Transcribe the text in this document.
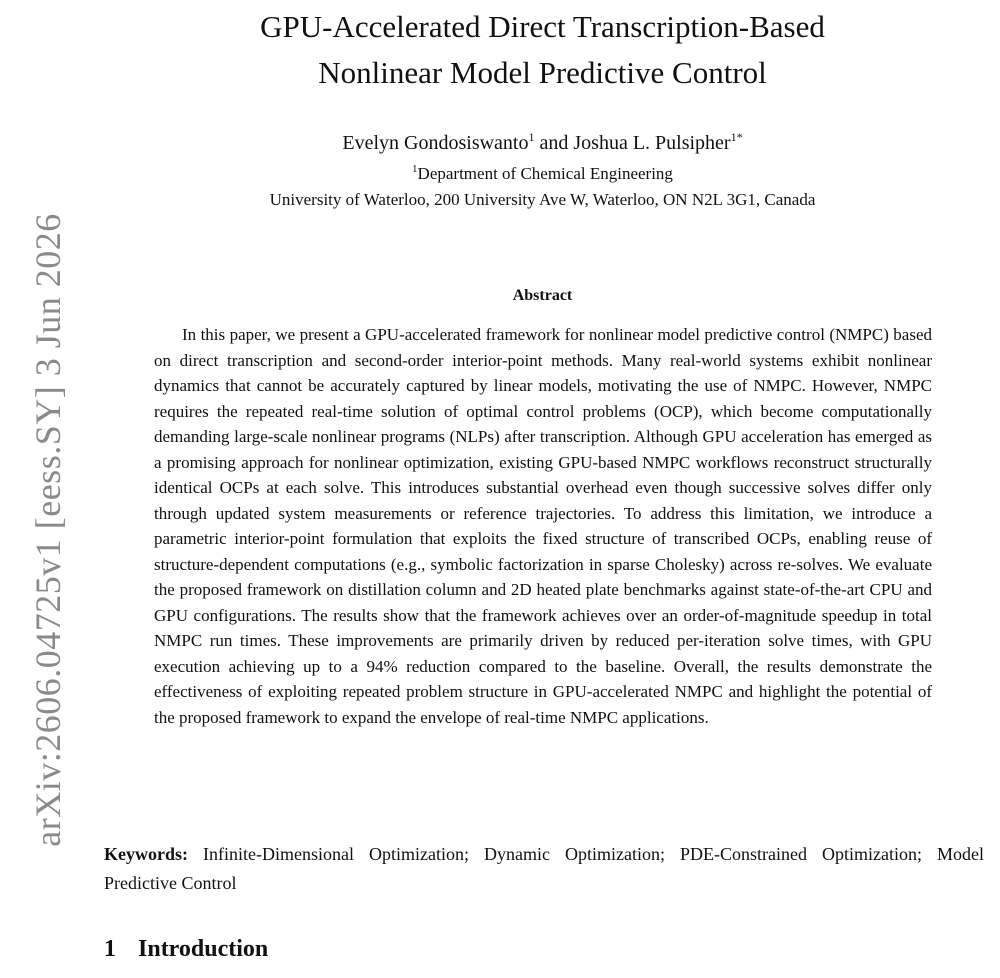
arXiv:2606.04725v1 [eess.SY] 3 Jun 2026
GPU-Accelerated Direct Transcription-Based
Nonlinear Model Predictive Control
Evelyn Gondosiswanto$^1$ and Joshua L. Pulsipher$^{1*}$
$^1$Department of Chemical Engineering
University of Waterloo, 200 University Ave W, Waterloo, ON N2L 3G1, Canada
Abstract

In this paper, we present a GPU-accelerated framework for nonlinear model predictive control (NMPC) based on direct transcription and second-order interior-point methods. Many real-world systems exhibit nonlinear dynamics that cannot be accurately captured by linear models, motivating the use of NMPC. However, NMPC requires the repeated real-time solution of optimal control problems (OCP), which become computationally demanding large-scale nonlinear programs (NLPs) after transcription. Although GPU acceleration has emerged as a promising approach for nonlinear optimization, existing GPU-based NMPC workflows reconstruct structurally identical OCPs at each solve. This introduces substantial overhead even though successive solves differ only through updated system measurements or reference trajectories. To address this limitation, we introduce a parametric interior-point formulation that exploits the fixed structure of transcribed OCPs, enabling reuse of structure-dependent computations (e.g., symbolic factorization in sparse Cholesky) across re-solves. We evaluate the proposed framework on distillation column and 2D heated plate benchmarks against state-of-the-art CPU and GPU configurations. The results show that the framework achieves over an order-of-magnitude speedup in total NMPC run times. These improvements are primarily driven by reduced per-iteration solve times, with GPU execution achieving up to a 94% reduction compared to the baseline. Overall, the results demonstrate the effectiveness of exploiting repeated problem structure in GPU-accelerated NMPC and highlight the potential of the proposed framework to expand the envelope of real-time NMPC applications.

Keywords: Infinite-Dimensional Optimization; Dynamic Optimization; PDE-Constrained Optimization; Model Predictive Control
1 Introduction
